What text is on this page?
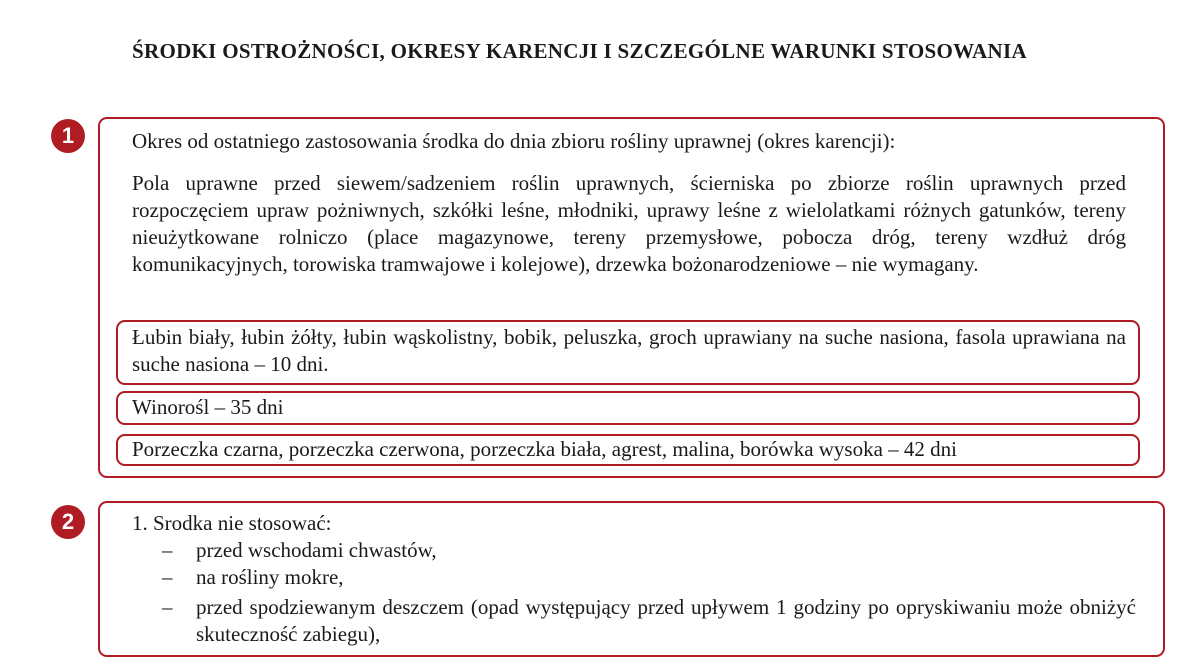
ŚRODKI OSTROŻNOŚCI, OKRESY KARENCJI I SZCZEGÓLNE WARUNKI STOSOWANIA

1	Okres od ostatniego zastosowania środka do dnia zbioru rośliny uprawnej (okres karencji):

Pola uprawne przed siewem/sadzeniem roślin uprawnych, ścierniska po zbiorze roślin uprawnych przed rozpoczęciem upraw pożniwnych, szkółki leśne, młodniki, uprawy leśne z wielolatkami różnych gatunków, tereny nieużytkowane rolniczo (place magazynowe, tereny przemysłowe, pobocza dróg, tereny wzdłuż dróg komunikacyjnych, torowiska tramwajowe i kolejowe), drzewka bożonarodzeniowe – nie wymagany.

Łubin biały, łubin żółty, łubin wąskolistny, bobik, peluszka, groch uprawiany na suche nasiona, fasola uprawiana na suche nasiona – 10 dni.

Winorośl – 35 dni

Porzeczka czarna, porzeczka czerwona, porzeczka biała, agrest, malina, borówka wysoka – 42 dni

2	1. Srodka nie stosować:

– przed wschodami chwastów,
– na rośliny mokre,
– przed spodziewanym deszczem (opad występujący przed upływem 1 godziny po opryskiwaniu może obniżyć skuteczność zabiegu),
